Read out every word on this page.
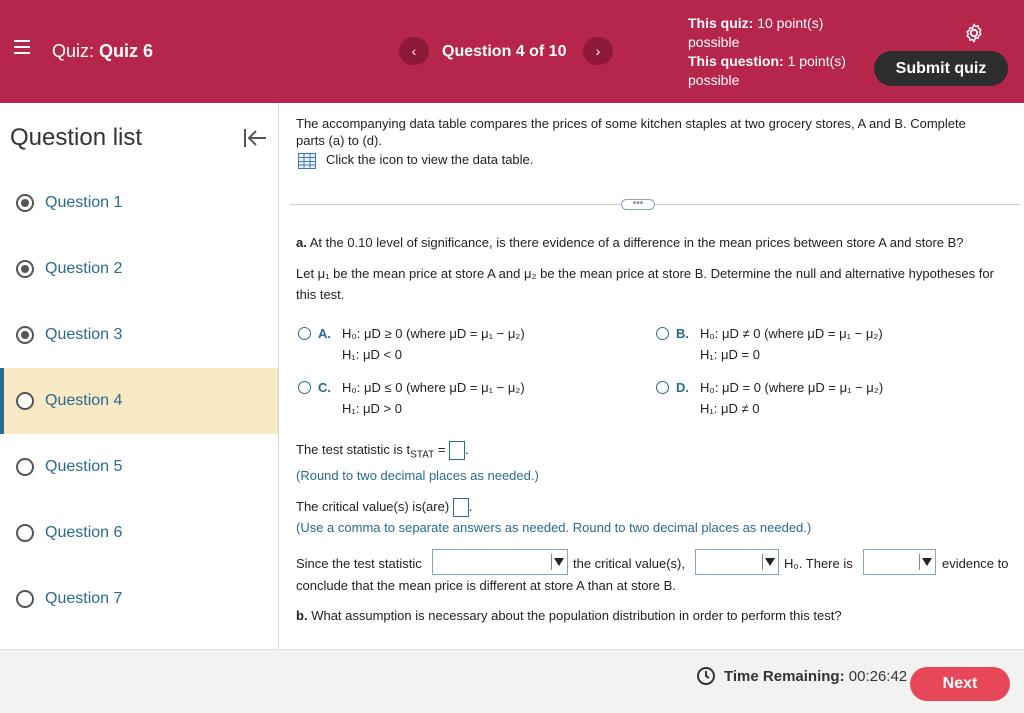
Quiz: Quiz 6	‹	Question 4 of 10	›
This quiz: 10 point(s) possible
This question: 1 point(s) possible
Submit quiz
Question list
Question 1
Question 2
Question 3
Question 4
Question 5
Question 6
Question 7
The accompanying data table compares the prices of some kitchen staples at two grocery stores, A and B. Complete parts (a) to (d).
Click the icon to view the data table.
•••
a. At the 0.10 level of significance, is there evidence of a difference in the mean prices between store A and store B?
Let μ₁ be the mean price at store A and μ₂ be the mean price at store B. Determine the null and alternative hypotheses for this test.
A. H₀: μD ≥ 0 (where μD = μ₁ − μ₂)
H₁: μD < 0
B. H₀: μD ≠ 0 (where μD = μ₁ − μ₂)
H₁: μD = 0
C. H₀: μD ≤ 0 (where μD = μ₁ − μ₂)
H₁: μD > 0
D. H₀: μD = 0 (where μD = μ₁ − μ₂)
H₁: μD ≠ 0
The test statistic is $t_{STAT}$ = .
(Round to two decimal places as needed.)
The critical value(s) is(are) .
(Use a comma to separate answers as needed. Round to two decimal places as needed.)
Since the test statistic	the critical value(s),	H₀. There is	evidence to
conclude that the mean price is different at store A than at store B.
b. What assumption is necessary about the population distribution in order to perform this test?
Time Remaining: 00:26:42	Next
